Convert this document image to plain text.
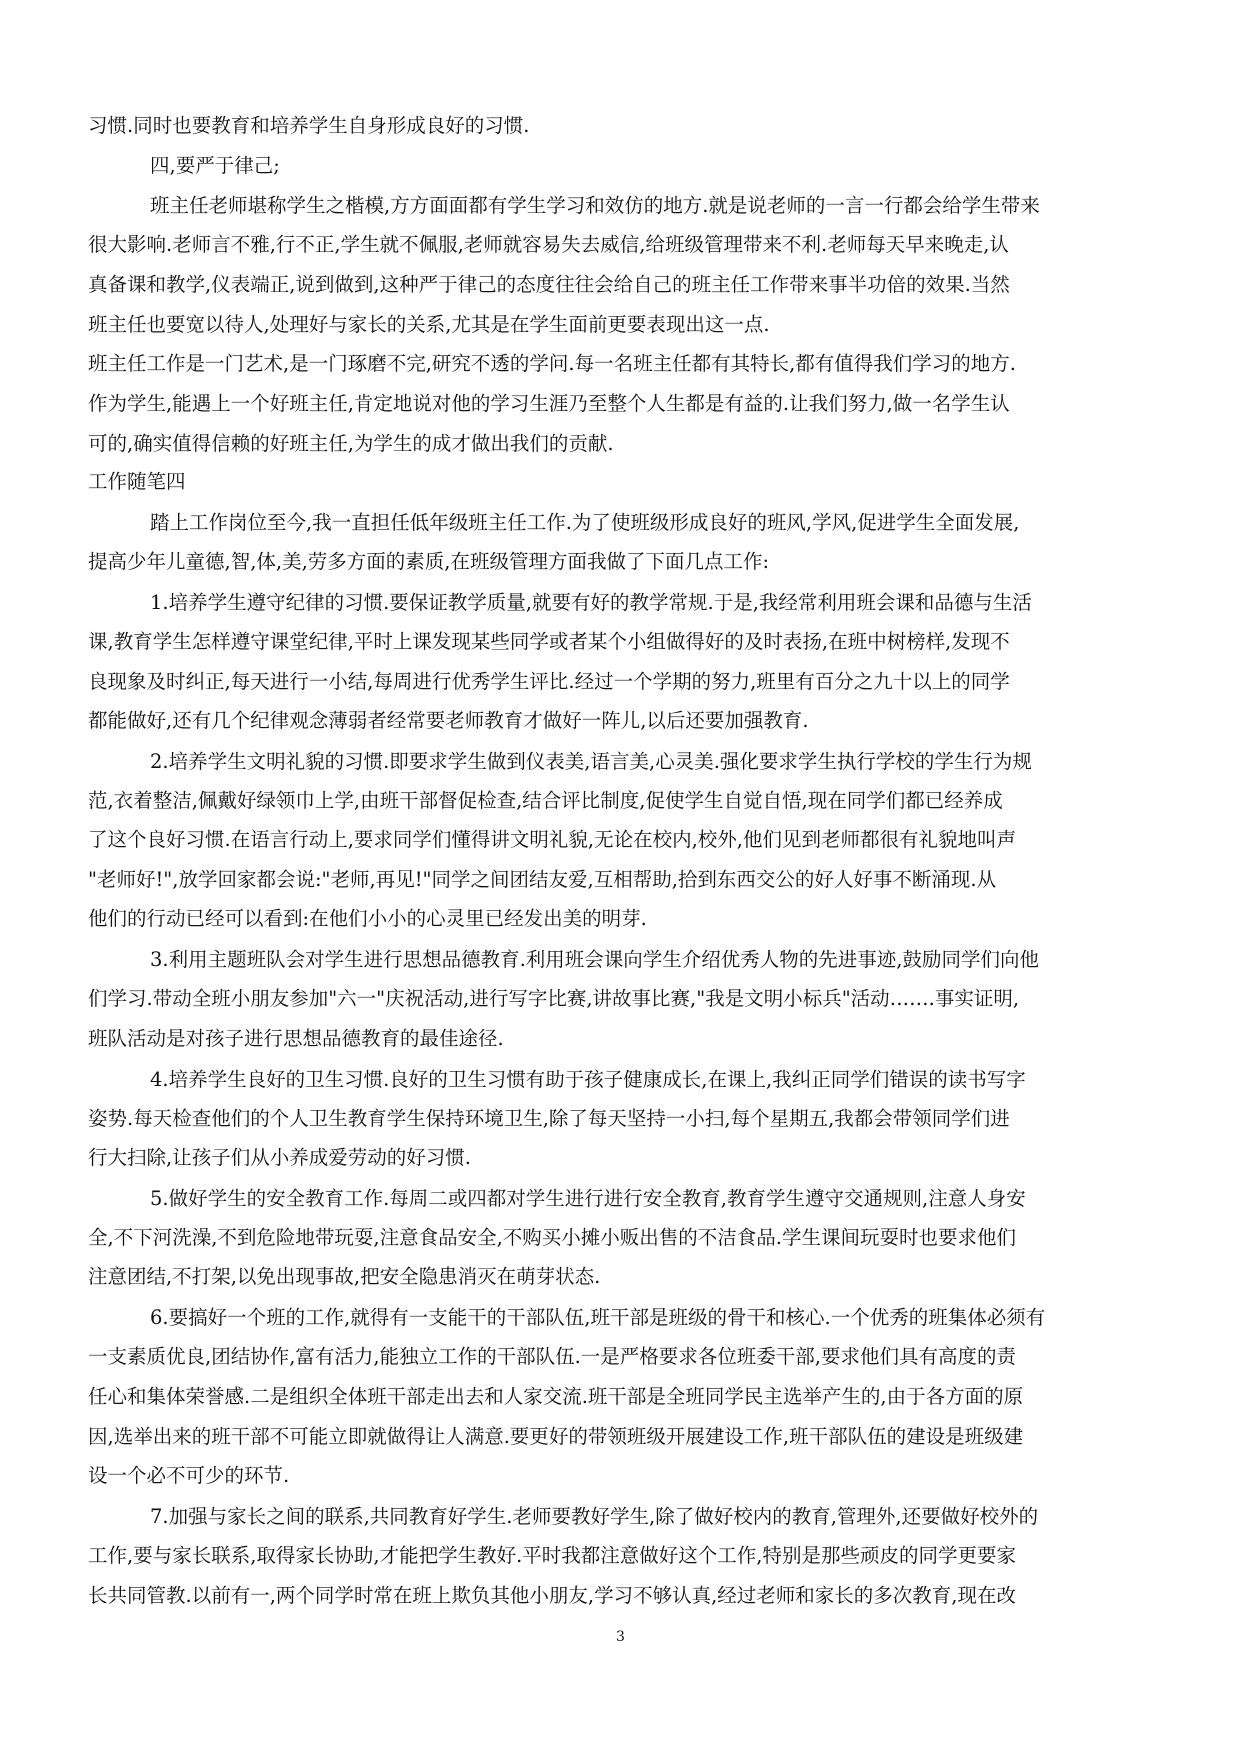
习惯.同时也要教育和培养学生自身形成良好的习惯.
四,要严于律己;
班主任老师堪称学生之楷模,方方面面都有学生学习和效仿的地方.就是说老师的一言一行都会给学生带来
很大影响.老师言不雅,行不正,学生就不佩服,老师就容易失去威信,给班级管理带来不利.老师每天早来晚走,认
真备课和教学,仪表端正,说到做到,这种严于律己的态度往往会给自己的班主任工作带来事半功倍的效果.当然
班主任也要宽以待人,处理好与家长的关系,尤其是在学生面前更要表现出这一点.
班主任工作是一门艺术,是一门琢磨不完,研究不透的学问.每一名班主任都有其特长,都有值得我们学习的地方.
作为学生,能遇上一个好班主任,肯定地说对他的学习生涯乃至整个人生都是有益的.让我们努力,做一名学生认
可的,确实值得信赖的好班主任,为学生的成才做出我们的贡献.
工作随笔四
踏上工作岗位至今,我一直担任低年级班主任工作.为了使班级形成良好的班风,学风,促进学生全面发展,
提高少年儿童德,智,体,美,劳多方面的素质,在班级管理方面我做了下面几点工作:
1.培养学生遵守纪律的习惯.要保证教学质量,就要有好的教学常规.于是,我经常利用班会课和品德与生活
课,教育学生怎样遵守课堂纪律,平时上课发现某些同学或者某个小组做得好的及时表扬,在班中树榜样,发现不
良现象及时纠正,每天进行一小结,每周进行优秀学生评比.经过一个学期的努力,班里有百分之九十以上的同学
都能做好,还有几个纪律观念薄弱者经常要老师教育才做好一阵儿,以后还要加强教育.
2.培养学生文明礼貌的习惯.即要求学生做到仪表美,语言美,心灵美.强化要求学生执行学校的学生行为规
范,衣着整洁,佩戴好绿领巾上学,由班干部督促检查,结合评比制度,促使学生自觉自悟,现在同学们都已经养成
了这个良好习惯.在语言行动上,要求同学们懂得讲文明礼貌,无论在校内,校外,他们见到老师都很有礼貌地叫声
"老师好!",放学回家都会说:"老师,再见!"同学之间团结友爱,互相帮助,拾到东西交公的好人好事不断涌现.从
他们的行动已经可以看到:在他们小小的心灵里已经发出美的明芽.
3.利用主题班队会对学生进行思想品德教育.利用班会课向学生介绍优秀人物的先进事迹,鼓励同学们向他
们学习.带动全班小朋友参加"六一"庆祝活动,进行写字比赛,讲故事比赛,"我是文明小标兵"活动…….事实证明,
班队活动是对孩子进行思想品德教育的最佳途径.
4.培养学生良好的卫生习惯.良好的卫生习惯有助于孩子健康成长,在课上,我纠正同学们错误的读书写字
姿势.每天检查他们的个人卫生教育学生保持环境卫生,除了每天坚持一小扫,每个星期五,我都会带领同学们进
行大扫除,让孩子们从小养成爱劳动的好习惯.
5.做好学生的安全教育工作.每周二或四都对学生进行进行安全教育,教育学生遵守交通规则,注意人身安
全,不下河洗澡,不到危险地带玩耍,注意食品安全,不购买小摊小贩出售的不洁食品.学生课间玩耍时也要求他们
注意团结,不打架,以免出现事故,把安全隐患消灭在萌芽状态.
6.要搞好一个班的工作,就得有一支能干的干部队伍,班干部是班级的骨干和核心.一个优秀的班集体必须有
一支素质优良,团结协作,富有活力,能独立工作的干部队伍.一是严格要求各位班委干部,要求他们具有高度的责
任心和集体荣誉感.二是组织全体班干部走出去和人家交流.班干部是全班同学民主选举产生的,由于各方面的原
因,选举出来的班干部不可能立即就做得让人满意.要更好的带领班级开展建设工作,班干部队伍的建设是班级建
设一个必不可少的环节.
7.加强与家长之间的联系,共同教育好学生.老师要教好学生,除了做好校内的教育,管理外,还要做好校外的
工作,要与家长联系,取得家长协助,才能把学生教好.平时我都注意做好这个工作,特别是那些顽皮的同学更要家
长共同管教.以前有一,两个同学时常在班上欺负其他小朋友,学习不够认真,经过老师和家长的多次教育,现在改
3
